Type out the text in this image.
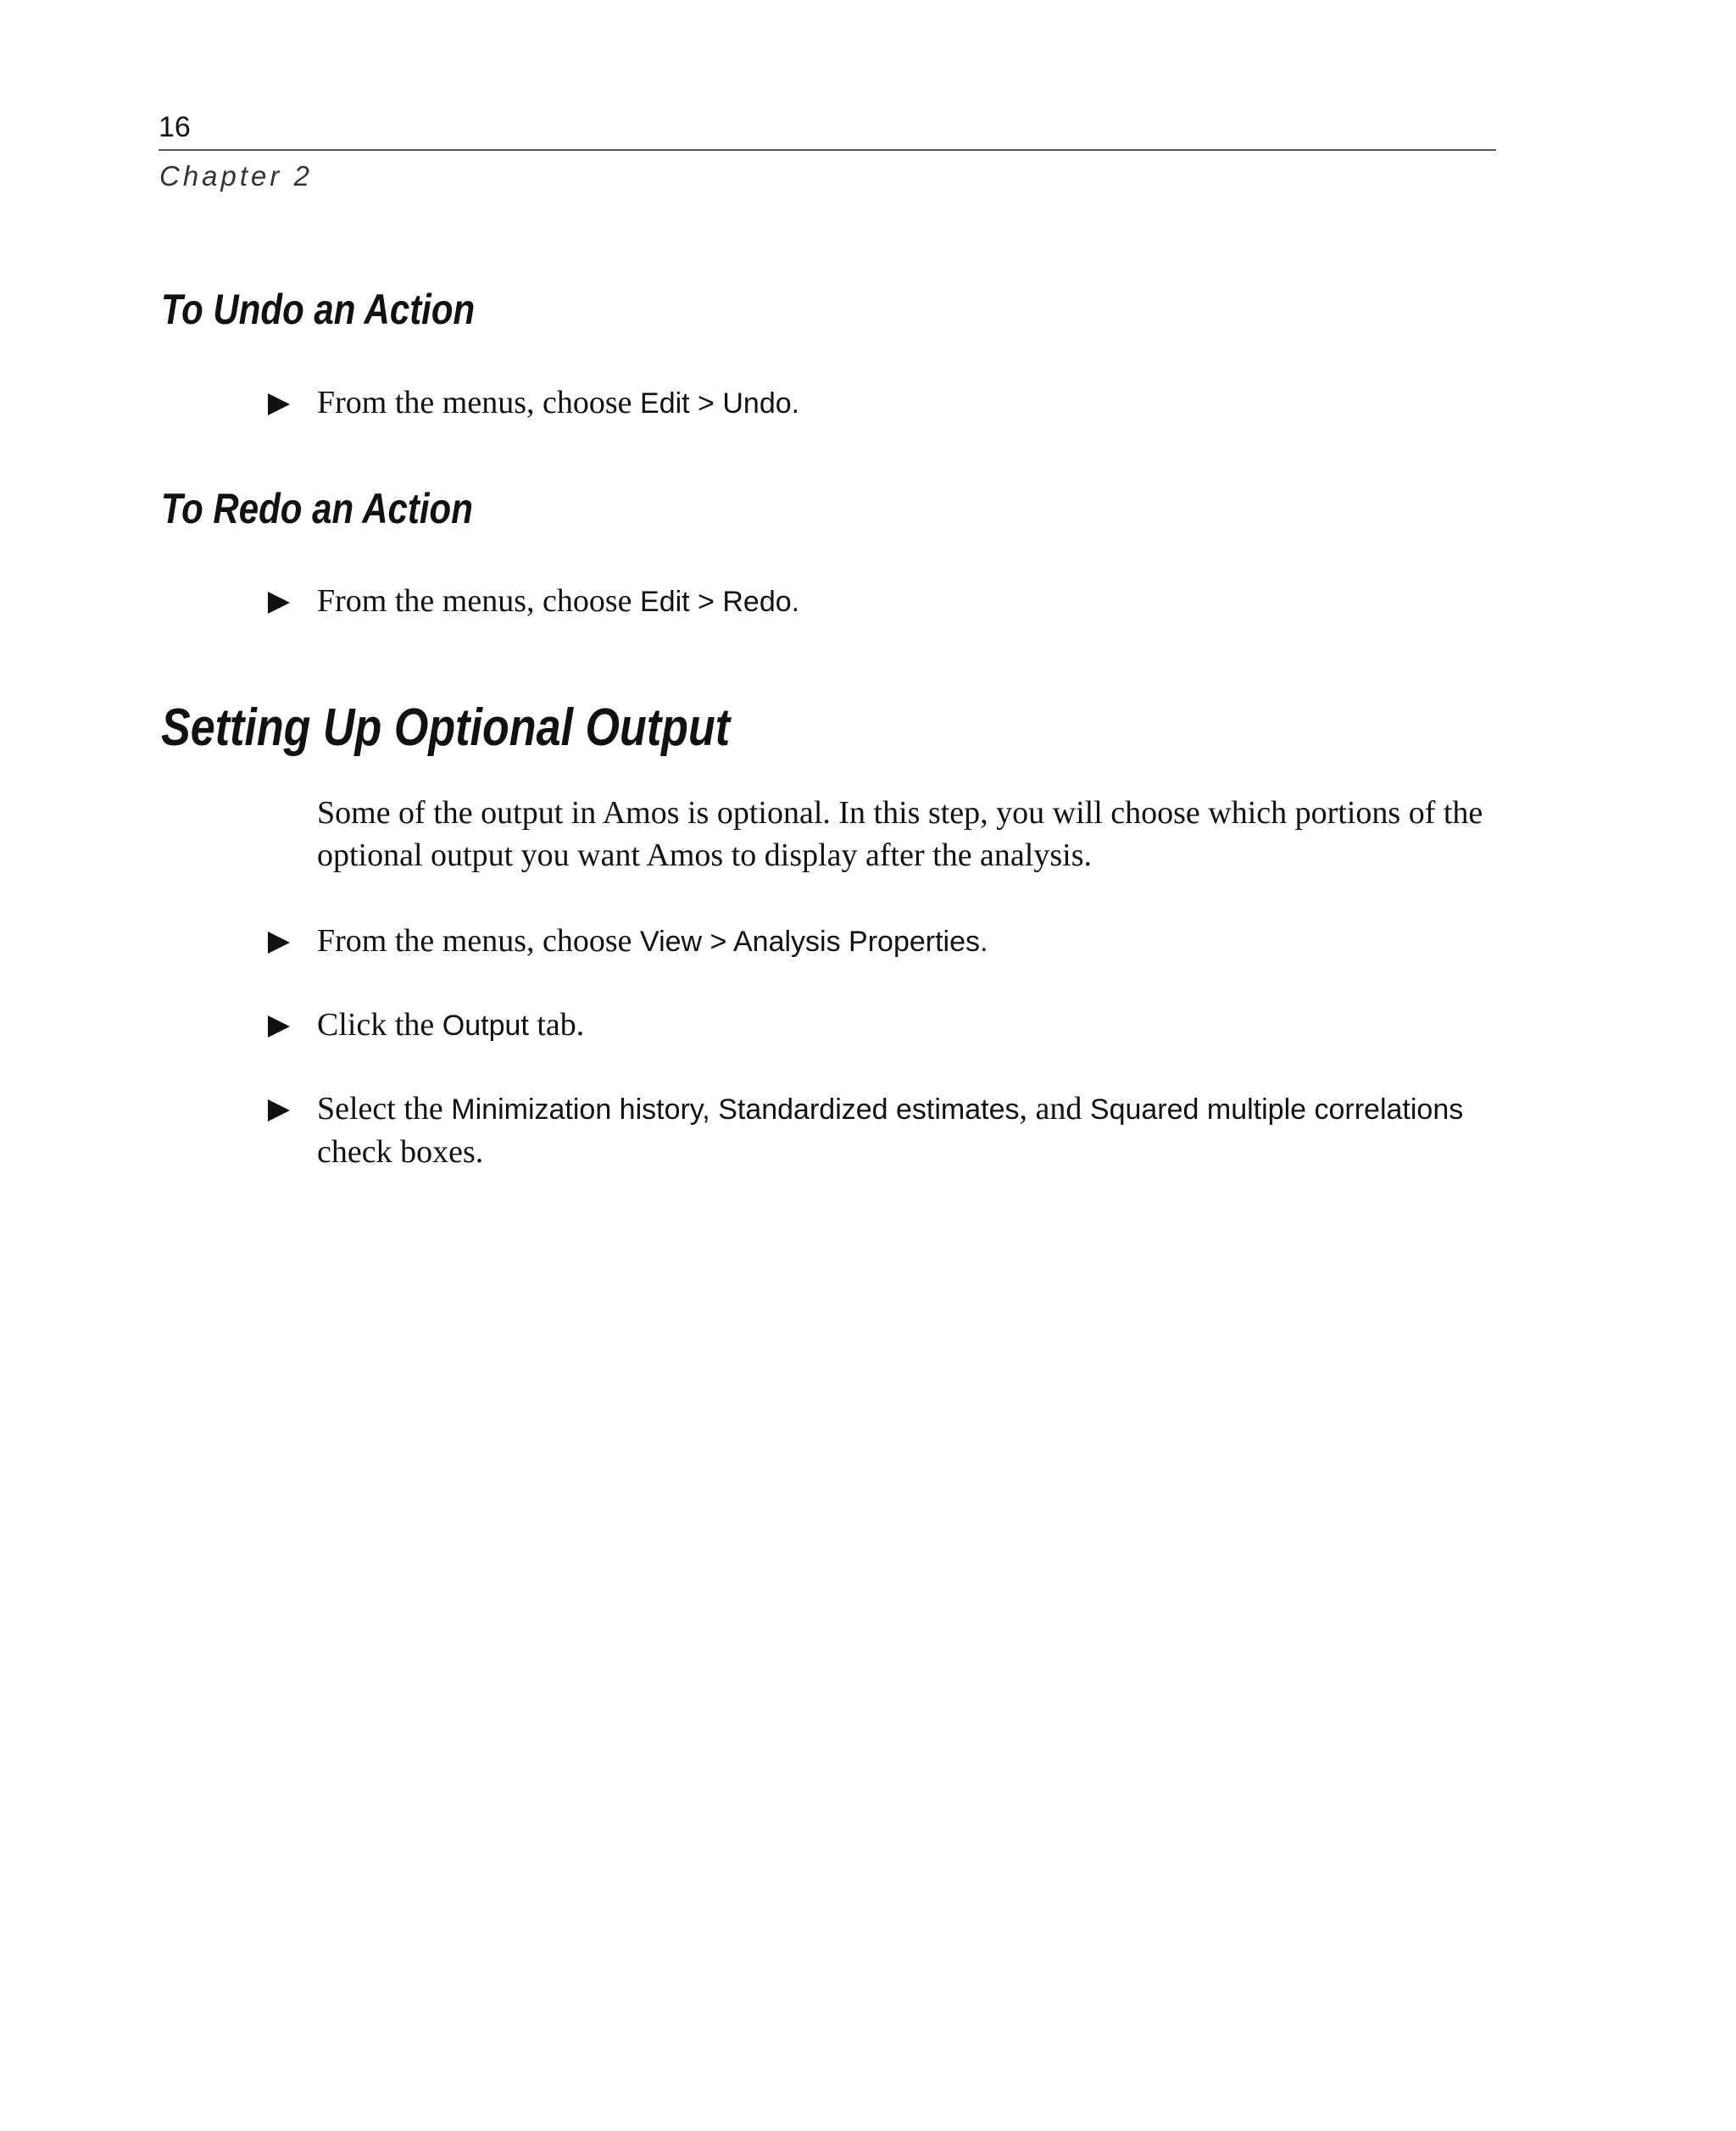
16
Chapter 2
To Undo an Action
From the menus, choose Edit > Undo.
To Redo an Action
From the menus, choose Edit > Redo.
Setting Up Optional Output

Some of the output in Amos is optional. In this step, you will choose which portions of the optional output you want Amos to display after the analysis.

From the menus, choose View > Analysis Properties.
Click the Output tab.
Select the Minimization history, Standardized estimates, and Squared multiple correlations check boxes.
